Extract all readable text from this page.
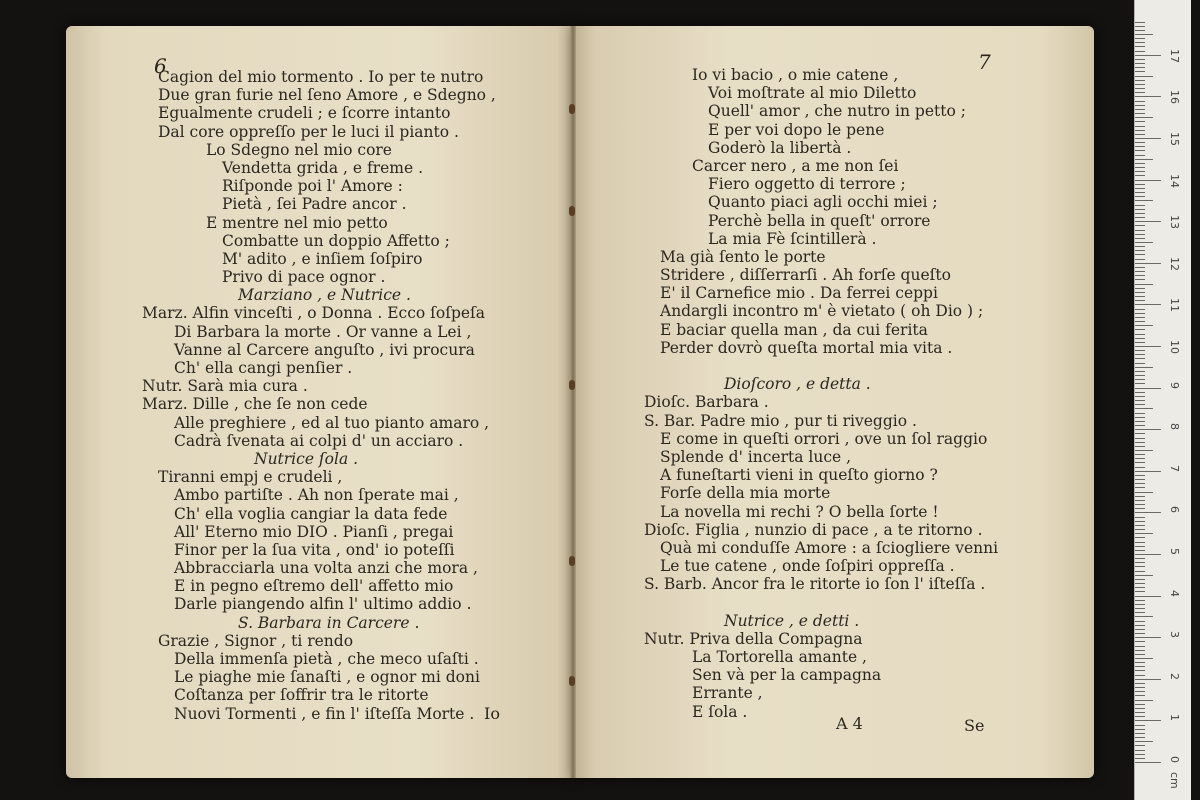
6
Cagion del mio tormento . Io per te nutro
Due gran furie nel ſeno Amore , e Sdegno ,
Egualmente crudeli ; e ſcorre intanto
Dal core oppreſſo per le luci il pianto .
Lo Sdegno nel mio core
Vendetta grida , e freme .
Riſponde poi l' Amore :
Pietà , ſei Padre ancor .
E mentre nel mio petto
Combatte un doppio Affetto ;
M' adito , e inſiem ſoſpiro
Privo di pace ognor .
Marziano , e Nutrice .
Marz. Alfin vinceſti , o Donna . Ecco ſoſpeſa
Di Barbara la morte . Or vanne a Lei ,
Vanne al Carcere anguſto , ivi procura
Ch' ella cangi penſier .
Nutr. Sarà mia cura .
Marz. Dille , che ſe non cede
Alle preghiere , ed al tuo pianto amaro ,
Cadrà ſvenata ai colpi d' un acciaro .
Nutrice ſola .
Tiranni empj e crudeli ,
Ambo partiſte . Ah non ſperate mai ,
Ch' ella voglia cangiar la data fede
All' Eterno mio DIO . Pianſi , pregai
Finor per la ſua vita , ond' io poteſſi
Abbracciarla una volta anzi che mora ,
E in pegno eſtremo dell' affetto mio
Darle piangendo alfin l' ultimo addio .
S. Barbara in Carcere .
Grazie , Signor , ti rendo
Della immenſa pietà , che meco uſaſti .
Le piaghe mie ſanaſti , e ognor mi doni
Coſtanza per ſoffrir tra le ritorte
Nuovi Tormenti , e fin l' iſteſſa Morte . Io
7
Io vi bacio , o mie catene ,
Voi moſtrate al mio Diletto
Quell' amor , che nutro in petto ;
E per voi dopo le pene
Goderò la libertà .
Carcer nero , a me non ſei
Fiero oggetto di terrore ;
Quanto piaci agli occhi miei ;
Perchè bella in queſt' orrore
La mia Fè ſcintillerà .
Ma già ſento le porte
Stridere , diſſerrarſi . Ah forſe queſto
E' il Carnefice mio . Da ferrei ceppi
Andargli incontro m' è vietato ( oh Dio ) ;
E baciar quella man , da cui ferita
Perder dovrò queſta mortal mia vita .
Dioſcoro , e detta .
Dioſc. Barbara .
S. Bar. Padre mio , pur ti riveggio .
E come in queſti orrori , ove un ſol raggio
Splende d' incerta luce ,
A funeſtarti vieni in queſto giorno ?
Forſe della mia morte
La novella mi rechi ? O bella ſorte !
Dioſc. Figlia , nunzio di pace , a te ritorno .
Quà mi conduſſe Amore : a ſciogliere venni
Le tue catene , onde ſoſpiri oppreſſa .
S. Barb. Ancor fra le ritorte io ſon l' iſteſſa .
Nutrice , e detti .
Nutr. Priva della Compagna
La Tortorella amante ,
Sen và per la campagna
Errante ,
E ſola .
A 4	Se
0
1
2
3
4
5
6
7
8
9
10
11
12
13
14
15
16
17
cm
